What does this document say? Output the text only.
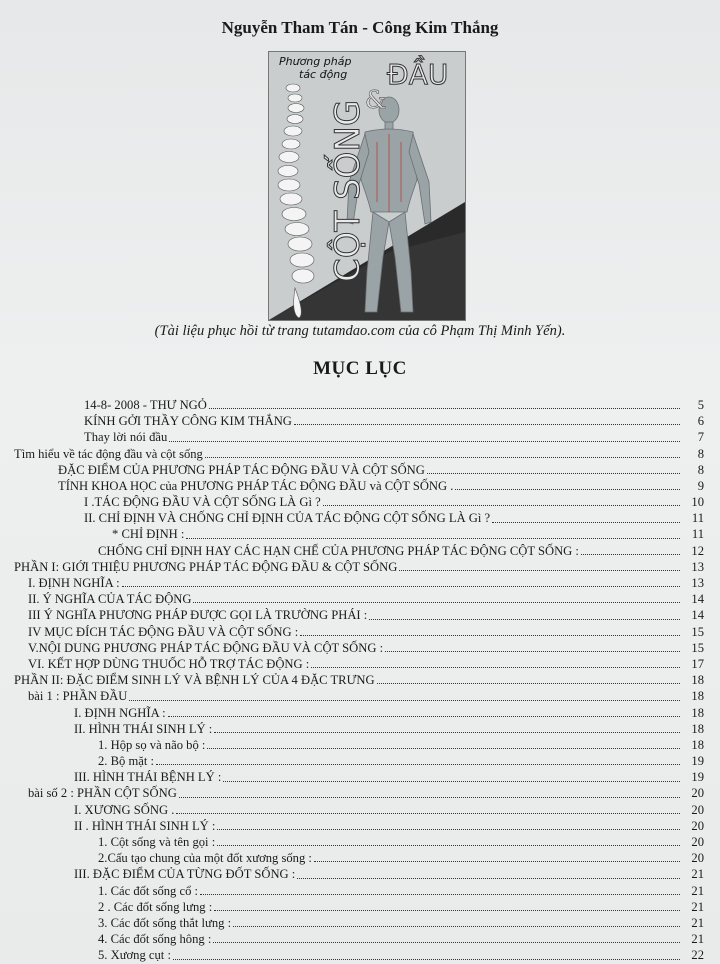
Nguyễn Tham Tán - Công Kim Thắng
Phương pháp
tác động ĐẦU
&
CỘT SỐNG
(Tài liệu phục hồi từ trang tutamdao.com của cô Phạm Thị Minh Yến).
MỤC LỤC
14-8- 2008 - THƯ NGỎ	5
KÍNH GỞI THẦY CÔNG KIM THẮNG	6
Thay lời nói đầu	7
Tìm hiểu về tác động đầu và cột sống	8
ĐẶC ĐIỂM CỦA PHƯƠNG PHÁP TÁC ĐỘNG ĐẦU VÀ CỘT SỐNG	8
TÍNH KHOA HỌC của PHƯƠNG PHÁP TÁC ĐỘNG ĐẦU và CỘT SỐNG .	9
I .TÁC ĐỘNG ĐẦU VÀ CỘT SỐNG LÀ Gì ?	10
II. CHỈ ĐỊNH VÀ CHỐNG CHỈ ĐỊNH CỦA TÁC ĐỘNG CỘT SỐNG LÀ Gì ?	11
* CHỈ ĐỊNH :	11
CHỐNG CHỈ ĐỊNH HAY CÁC HẠN CHẾ CỦA PHƯƠNG PHÁP TÁC ĐỘNG CỘT SỐNG :	12
PHẦN I: GIỚI THIỆU PHƯƠNG PHÁP TÁC ĐỘNG ĐẦU & CỘT SỐNG	13
I. ĐỊNH NGHĨA :	13
II. Ý NGHĨA CỦA TÁC ĐỘNG	14
III Ý NGHĨA PHƯƠNG PHÁP ĐƯỢC GỌI LÀ TRƯỜNG PHÁI :	14
IV MỤC ĐÍCH TÁC ĐỘNG ĐẦU VÀ CỘT SỐNG :	15
V.NỘI DUNG PHƯƠNG PHÁP TÁC ĐỘNG ĐẦU VÀ CỘT SỐNG :	15
VI. KẾT HỢP DÙNG THUỐC HỖ TRỢ TÁC ĐỘNG :	17
PHẦN II: ĐẶC ĐIỂM SINH LÝ VÀ BỆNH LÝ CỦA 4 ĐẶC TRƯNG	18
bài 1 : PHẦN ĐẦU	18
I. ĐỊNH NGHĨA :	18
II. HÌNH THÁI SINH LÝ :	18
1. Hộp sọ và não bộ :	18
2. Bộ mặt :	19
III. HÌNH THÁI BỆNH LÝ :	19
bài số 2 : PHẦN CỘT SỐNG	20
I. XƯƠNG SỐNG .	20
II . HÌNH THÁI SINH LÝ :	20
1. Cột sống và tên gọi :	20
2.Cấu tạo chung của một đốt xương sống :	20
III. ĐẶC ĐIỂM CỦA TỪNG ĐỐT SỐNG :	21
1. Các đốt sống cổ :	21
2 . Các đốt sống lưng :	21
3. Các đốt sống thắt lưng :	21
4. Các đốt sống hông :	21
5. Xương cụt :	22
